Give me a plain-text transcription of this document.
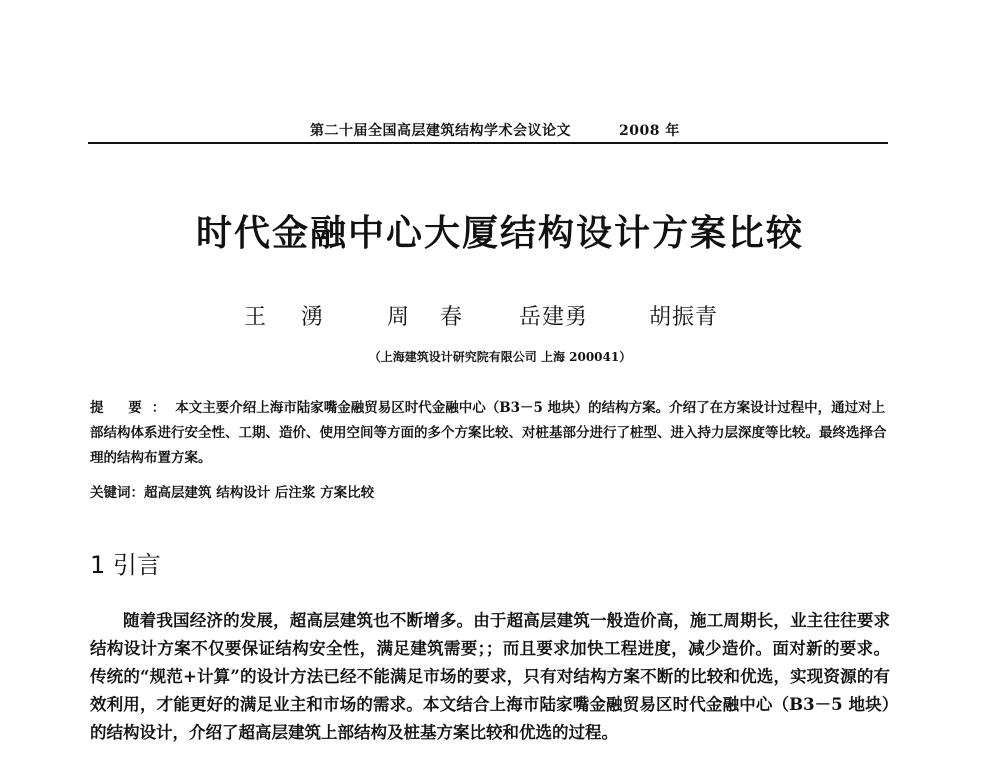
第二十届全国高层建筑结构学术会议论文	2008 年
时代金融中心大厦结构设计方案比较
王 湧 周 春 岳建勇	胡振青
（上海建筑设计研究院有限公司 上海 200041）
提 要：本文主要介绍上海市陆家嘴金融贸易区时代金融中心（B3－5 地块）的结构方案。介绍了在方案设计过程中，通过对上部结构体系进行安全性、工期、造价、使用空间等方面的多个方案比较、对桩基部分进行了桩型、进入持力层深度等比较。最终选择合理的结构布置方案。
关键词：超高层建筑 结构设计 后注浆 方案比较
1 引言
随着我国经济的发展，超高层建筑也不断增多。由于超高层建筑一般造价高，施工周期长，业主往往要求结构设计方案不仅要保证结构安全性，满足建筑需要；；而且要求加快工程进度，减少造价。面对新的要求。传统的“规范+计算”的设计方法已经不能满足市场的要求，只有对结构方案不断的比较和优选，实现资源的有效利用，才能更好的满足业主和市场的需求。本文结合上海市陆家嘴金融贸易区时代金融中心（B3－5 地块）的结构设计，介绍了超高层建筑上部结构及桩基方案比较和优选的过程。
